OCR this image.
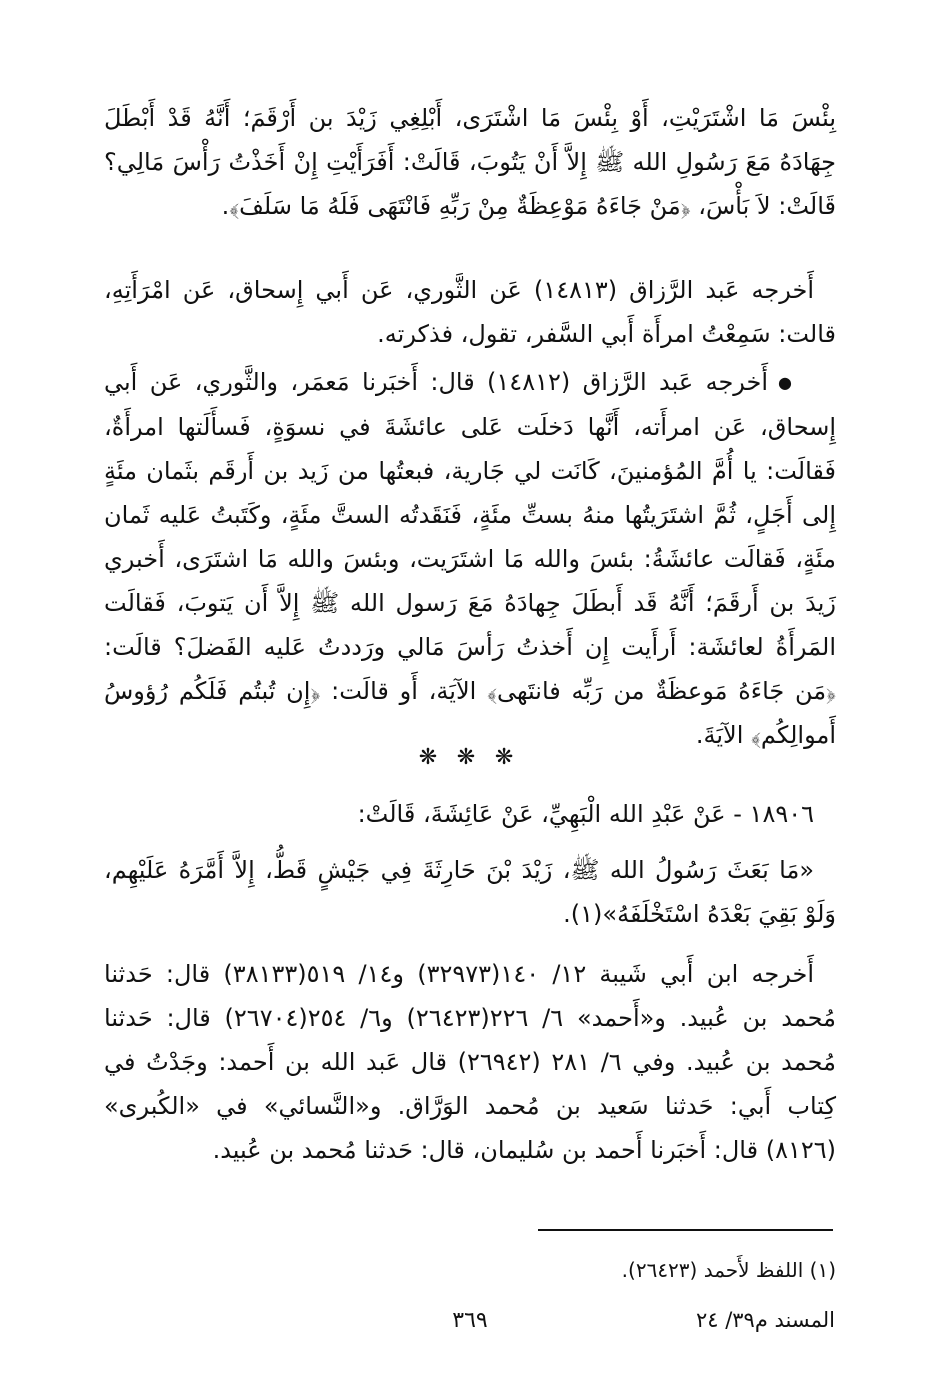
بِئْسَ مَا اشْتَرَيْتِ، أَوْ بِئْسَ مَا اشْتَرَى، أَبْلِغِي زَيْدَ بن أَرْقَمَ؛ أَنَّهُ قَدْ أَبْطَلَ جِهَادَهُ مَعَ رَسُولِ الله ﷺ إِلاَّ أَنْ يَتُوبَ، قَالَتْ: أَفَرَأَيْتِ إِنْ أَخَذْتُ رَأْسَ مَالِي؟ قَالَتْ: لاَ بَأْسَ، ﴿مَنْ جَاءَهُ مَوْعِظَةٌ مِنْ رَبِّهِ فَانْتَهَى فَلَهُ مَا سَلَفَ﴾.

أَخرجه عَبد الرَّزاق (١٤٨١٣) عَن الثَّوري، عَن أَبي إِسحاق، عَن امْرَأَتِهِ، قالت: سَمِعْتُ امرأَة أَبي السَّفر، تقول، فذكرته.

●أَخرجه عَبد الرَّزاق (١٤٨١٢) قال: أَخبَرنا مَعمَر، والثَّوري، عَن أَبي إِسحاق، عَن امرأَته، أَنَّها دَخلَت عَلى عائشَةَ في نسوَةٍ، فَسأَلَتها امرأَةٌ، فَقالَت: يا أُمَّ المُؤمنينَ، كَانَت لي جَارية، فبعتُها من زَيد بن أَرقَم بثَمان مئَةٍ إِلى أَجَلٍ، ثُمَّ اشتَرَيتُها منهُ بستِّ مئَةٍ، فَنَقَدتُه الستَّ مئَةٍ، وكَتَبتُ عَليه ثَمان مئَةٍ، فَقالَت عائشَةُ: بئسَ والله مَا اشتَرَيت، وبئسَ والله مَا اشتَرَى، أَخبري زَيدَ بن أَرقَمَ؛ أَنَّهُ قَد أَبطَلَ جِهادَهُ مَعَ رَسول الله ﷺ إِلاَّ أَن يَتوبَ، فَقالَت المَرأَةُ لعائشَة: أَرأَيت إِن أَخذتُ رَأسَ مَالي ورَددتُ عَليه الفَضلَ؟ قالَت: ﴿مَن جَاءَهُ مَوعظَةٌ من رَبِّه فانتَهى﴾ الآيَة، أَو قالَت: ﴿إِن تُبتُم فَلَكُم رُؤوسُ أَموالِكُم﴾ الآيَةَ.

❋ ❋ ❋

١٨٩٠٦ - عَنْ عَبْدِ الله الْبَهِيِّ، عَنْ عَائِشَةَ، قَالَتْ:

«مَا بَعَثَ رَسُولُ الله ﷺ، زَيْدَ بْنَ حَارِثَةَ فِي جَيْشٍ قَطُّ، إِلاَّ أَمَّرَهُ عَلَيْهِم، وَلَوْ بَقِيَ بَعْدَهُ اسْتَخْلَفَهُ»(١).

أَخرجه ابن أَبي شَيبة ١٢/ ١٤٠(٣٢٩٧٣) و١٤/ ٥١٩(٣٨١٣٣) قال: حَدثنا مُحمد بن عُبيد. و«أَحمد» ٦/ ٢٢٦(٢٦٤٢٣) و٦/ ٢٥٤(٢٦٧٠٤) قال: حَدثنا مُحمد بن عُبيد. وفي ٦/ ٢٨١ (٢٦٩٤٢) قال عَبد الله بن أَحمد: وجَدْتُ في كِتاب أَبي: حَدثنا سَعيد بن مُحمد الوَرَّاق. و«النَّسائي» في «الكُبرى» (٨١٢٦) قال: أَخبَرنا أَحمد بن سُليمان، قال: حَدثنا مُحمد بن عُبيد.

(١) اللفظ لأَحمد (٢٦٤٢٣).
٣٦٩	المسند م٣٩/ ٢٤
